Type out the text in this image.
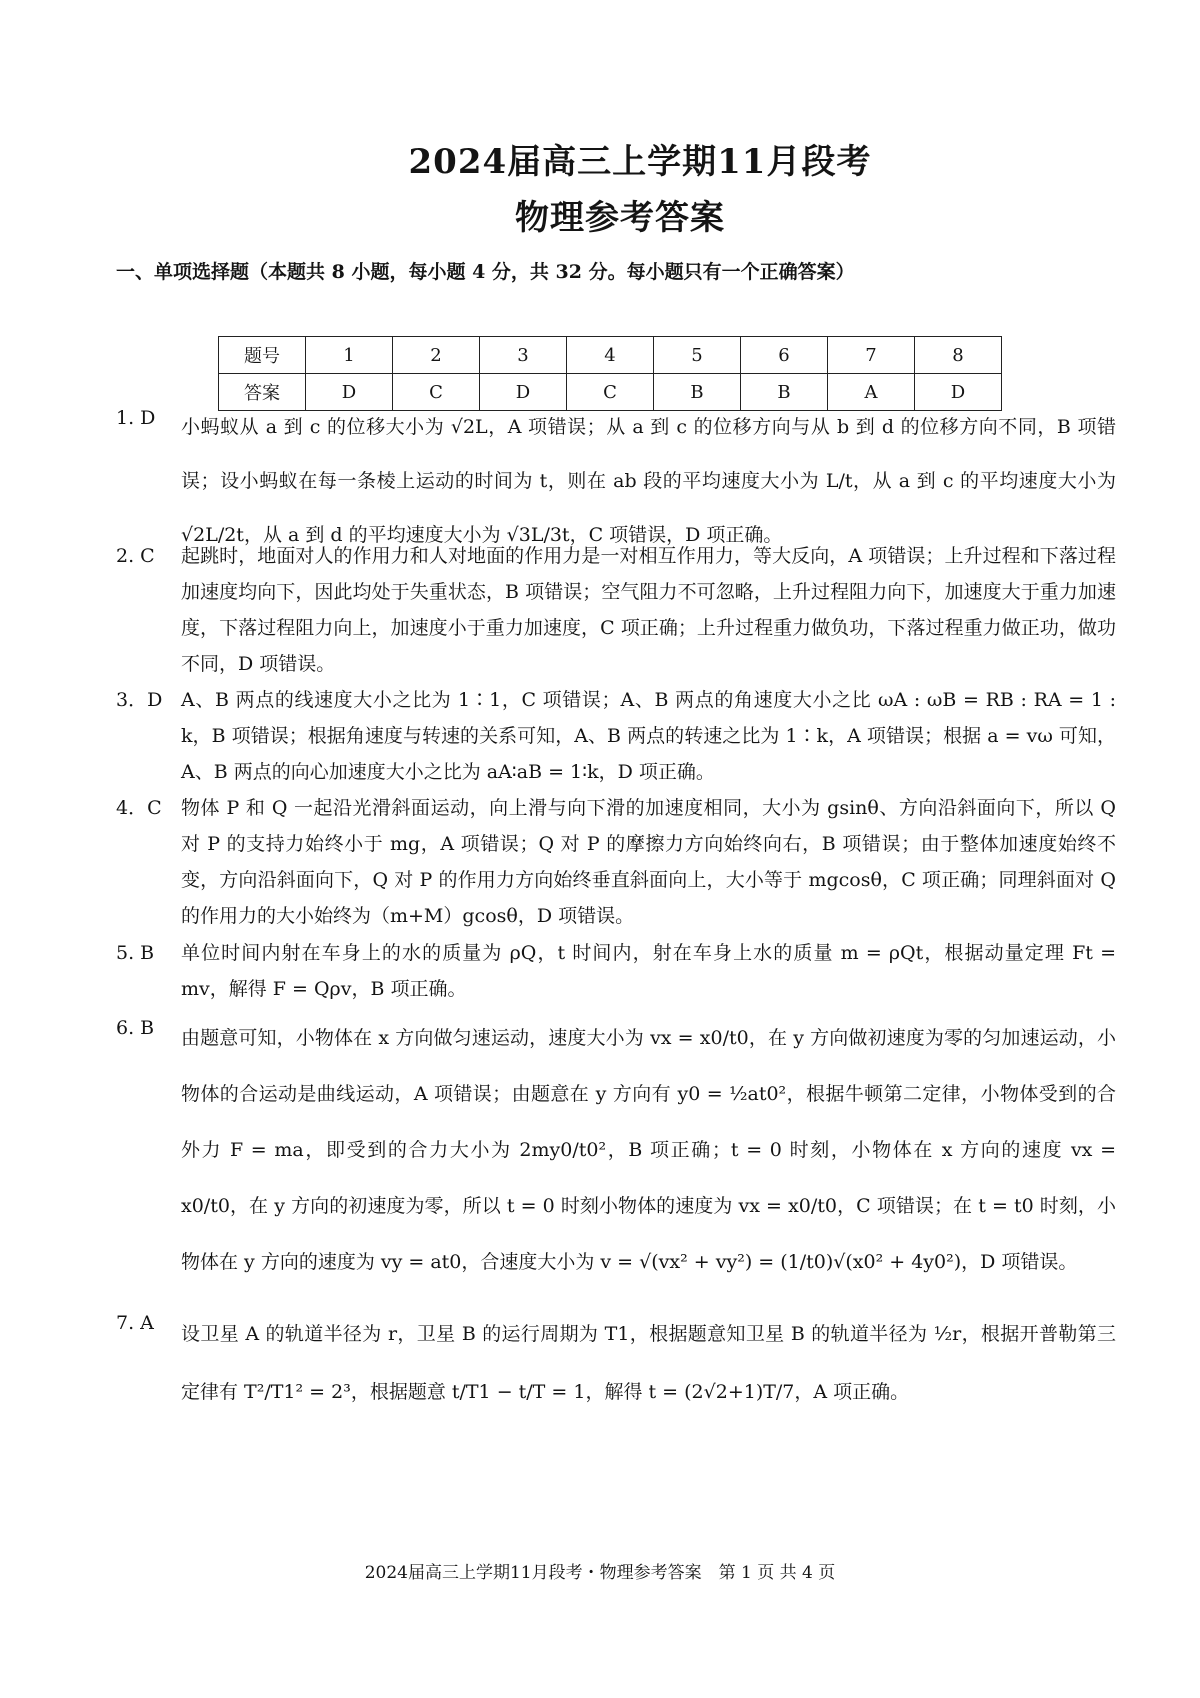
2024届高三上学期11月段考
物理参考答案
一、单项选择题（本题共 8 小题，每小题 4 分，共 32 分。每小题只有一个正确答案）
题号	1	2	3	4	5	6	7	8
答案	D	C	D	C	B	B	A	D
1. D	小蚂蚁从 a 到 c 的位移大小为 √2L，A 项错误；从 a 到 c 的位移方向与从 b 到 d 的位移方向不同，B 项错误；设小蚂蚁在每一条棱上运动的时间为 t，则在 ab 段的平均速度大小为 L/t，从 a 到 c 的平均速度大小为 √2L/2t，从 a 到 d 的平均速度大小为 √3L/3t，C 项错误，D 项正确。
2. C	起跳时，地面对人的作用力和人对地面的作用力是一对相互作用力，等大反向，A 项错误；上升过程和下落过程加速度均向下，因此均处于失重状态，B 项错误；空气阻力不可忽略，上升过程阻力向下，加速度大于重力加速度，下落过程阻力向上，加速度小于重力加速度，C 项正确；上升过程重力做负功，下落过程重力做正功，做功不同，D 项错误。
3．D A、B 两点的线速度大小之比为 1∶1，C 项错误；A、B 两点的角速度大小之比 ωA : ωB = RB : RA = 1 : k，B 项错误；根据角速度与转速的关系可知，A、B 两点的转速之比为 1∶k，A 项错误；根据 a = vω 可知，A、B 两点的向心加速度大小之比为 aA∶aB = 1∶k，D 项正确。
4．C	物体 P 和 Q 一起沿光滑斜面运动，向上滑与向下滑的加速度相同，大小为 gsinθ、方向沿斜面向下，所以 Q 对 P 的支持力始终小于 mg，A 项错误；Q 对 P 的摩擦力方向始终向右，B 项错误；由于整体加速度始终不变，方向沿斜面向下，Q 对 P 的作用力方向始终垂直斜面向上，大小等于 mgcosθ，C 项正确；同理斜面对 Q 的作用力的大小始终为（m+M）gcosθ，D 项错误。
5. B	单位时间内射在车身上的水的质量为 ρQ，t 时间内，射在车身上水的质量 m = ρQt，根据动量定理 Ft = mv，解得 F = Qρv，B 项正确。
6. B	由题意可知，小物体在 x 方向做匀速运动，速度大小为 vx = x0/t0，在 y 方向做初速度为零的匀加速运动，小物体的合运动是曲线运动，A 项错误；由题意在 y 方向有 y0 = ½at0²，根据牛顿第二定律，小物体受到的合外力 F = ma，即受到的合力大小为 2my0/t0²，B 项正确；t = 0 时刻，小物体在 x 方向的速度 vx = x0/t0，在 y 方向的初速度为零，所以 t = 0 时刻小物体的速度为 vx = x0/t0，C 项错误；在 t = t0 时刻，小物体在 y 方向的速度为 vy = at0，合速度大小为 v = √(vx² + vy²) = (1/t0)√(x0² + 4y0²)，D 项错误。
7. A	设卫星 A 的轨道半径为 r，卫星 B 的运行周期为 T1，根据题意知卫星 B 的轨道半径为 ½r，根据开普勒第三定律有 T²/T1² = 2³，根据题意 t/T1 − t/T = 1，解得 t = (2√2+1)T/7，A 项正确。
2024届高三上学期11月段考・物理参考答案　第 1 页 共 4 页
